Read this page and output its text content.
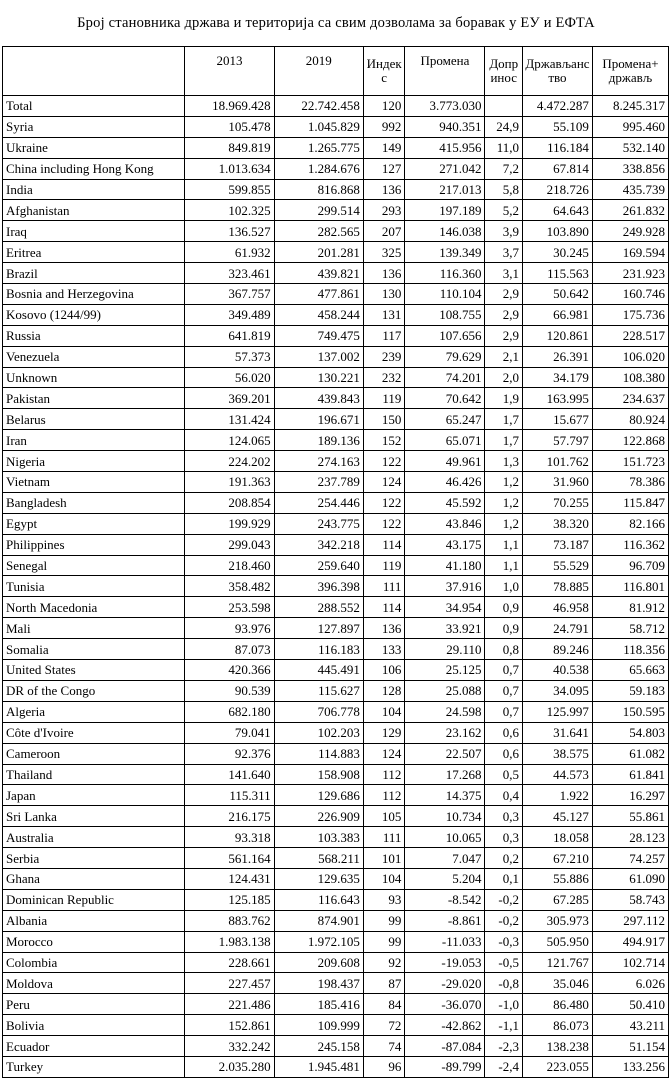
Број становника држава и територија са свим дозволама за боравак у ЕУ и ЕФТА
	2013	2019	Индекс	Промена	Допринос	Држављанство	Промена+ држављ
Total	18.969.428	22.742.458	120	3.773.030		4.472.287	8.245.317
Syria	105.478	1.045.829	992	940.351	24,9	55.109	995.460
Ukraine	849.819	1.265.775	149	415.956	11,0	116.184	532.140
China including Hong Kong	1.013.634	1.284.676	127	271.042	7,2	67.814	338.856
India	599.855	816.868	136	217.013	5,8	218.726	435.739
Afghanistan	102.325	299.514	293	197.189	5,2	64.643	261.832
Iraq	136.527	282.565	207	146.038	3,9	103.890	249.928
Eritrea	61.932	201.281	325	139.349	3,7	30.245	169.594
Brazil	323.461	439.821	136	116.360	3,1	115.563	231.923
Bosnia and Herzegovina	367.757	477.861	130	110.104	2,9	50.642	160.746
Kosovo (1244/99)	349.489	458.244	131	108.755	2,9	66.981	175.736
Russia	641.819	749.475	117	107.656	2,9	120.861	228.517
Venezuela	57.373	137.002	239	79.629	2,1	26.391	106.020
Unknown	56.020	130.221	232	74.201	2,0	34.179	108.380
Pakistan	369.201	439.843	119	70.642	1,9	163.995	234.637
Belarus	131.424	196.671	150	65.247	1,7	15.677	80.924
Iran	124.065	189.136	152	65.071	1,7	57.797	122.868
Nigeria	224.202	274.163	122	49.961	1,3	101.762	151.723
Vietnam	191.363	237.789	124	46.426	1,2	31.960	78.386
Bangladesh	208.854	254.446	122	45.592	1,2	70.255	115.847
Egypt	199.929	243.775	122	43.846	1,2	38.320	82.166
Philippines	299.043	342.218	114	43.175	1,1	73.187	116.362
Senegal	218.460	259.640	119	41.180	1,1	55.529	96.709
Tunisia	358.482	396.398	111	37.916	1,0	78.885	116.801
North Macedonia	253.598	288.552	114	34.954	0,9	46.958	81.912
Mali	93.976	127.897	136	33.921	0,9	24.791	58.712
Somalia	87.073	116.183	133	29.110	0,8	89.246	118.356
United States	420.366	445.491	106	25.125	0,7	40.538	65.663
DR of the Congo	90.539	115.627	128	25.088	0,7	34.095	59.183
Algeria	682.180	706.778	104	24.598	0,7	125.997	150.595
Côte d'Ivoire	79.041	102.203	129	23.162	0,6	31.641	54.803
Cameroon	92.376	114.883	124	22.507	0,6	38.575	61.082
Thailand	141.640	158.908	112	17.268	0,5	44.573	61.841
Japan	115.311	129.686	112	14.375	0,4	1.922	16.297
Sri Lanka	216.175	226.909	105	10.734	0,3	45.127	55.861
Australia	93.318	103.383	111	10.065	0,3	18.058	28.123
Serbia	561.164	568.211	101	7.047	0,2	67.210	74.257
Ghana	124.431	129.635	104	5.204	0,1	55.886	61.090
Dominican Republic	125.185	116.643	93	-8.542	-0,2	67.285	58.743
Albania	883.762	874.901	99	-8.861	-0,2	305.973	297.112
Morocco	1.983.138	1.972.105	99	-11.033	-0,3	505.950	494.917
Colombia	228.661	209.608	92	-19.053	-0,5	121.767	102.714
Moldova	227.457	198.437	87	-29.020	-0,8	35.046	6.026
Peru	221.486	185.416	84	-36.070	-1,0	86.480	50.410
Bolivia	152.861	109.999	72	-42.862	-1,1	86.073	43.211
Ecuador	332.242	245.158	74	-87.084	-2,3	138.238	51.154
Turkey	2.035.280	1.945.481	96	-89.799	-2,4	223.055	133.256
